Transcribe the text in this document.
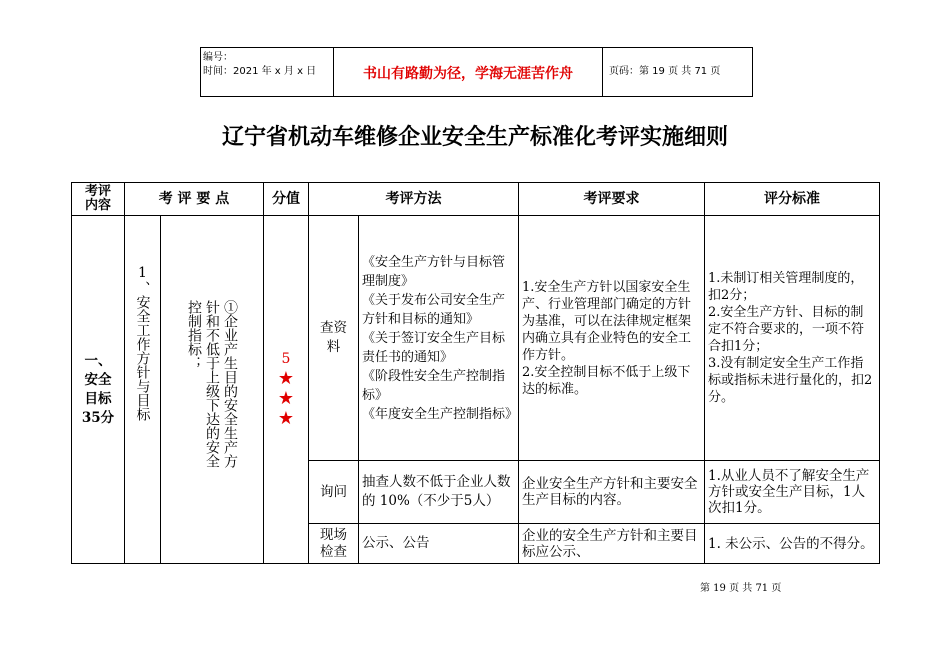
编号：
时间：2021 年 x 月 x 日	书山有路勤为径，学海无涯苦作舟	页码：第 19 页 共 71 页
辽宁省机动车维修企业安全生产标准化考评实施细则
考评内容	考 评 要 点		分值	考评方法		考评要求	评分标准
一、安全目标35分	1、安全工作方针与目标	①企业产生目的安全生产方针和不低于上级下达的安全控制指标；	5
★
★
★	查资料	《安全生产方针与目标管理制度》
《关于发布公司安全生产方针和目标的通知》
《关于签订安全生产目标责任书的通知》
《阶段性安全生产控制指标》
《年度安全生产控制指标》	1.安全生产方针以国家安全生产、行业管理部门确定的方针为基准，可以在法律规定框架内确立具有企业特色的安全工作方针。
2.安全控制目标不低于上级下达的标准。	1.未制订相关管理制度的，扣2分；
2.安全生产方针、目标的制定不符合要求的，一项不符合扣1分；
3.没有制定安全生产工作指标或指标未进行量化的，扣2分。
				询问	抽查人数不低于企业人数的 10%（不少于5人）	企业安全生产方针和主要安全生产目标的内容。	1.从业人员不了解安全生产方针或安全生产目标，1人次扣1分。
				现场检查	公示、公告	企业的安全生产方针和主要目标应公示、	1. 未公示、公告的不得分。
第 19 页 共 71 页
